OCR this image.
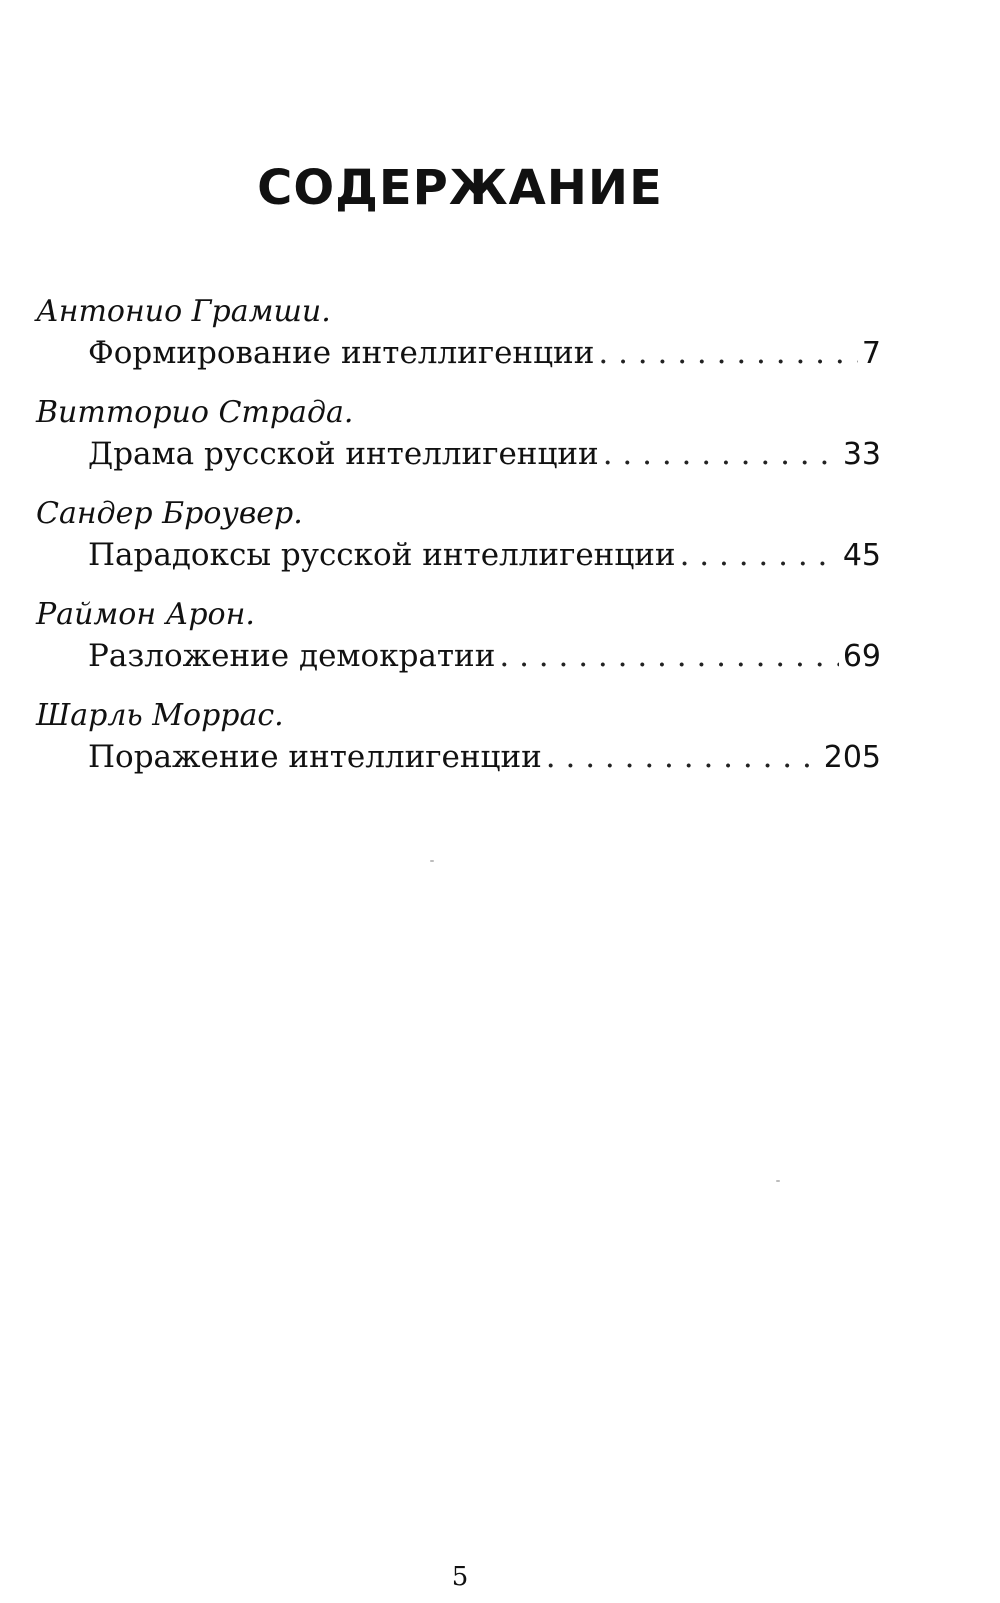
СОДЕРЖАНИЕ
Антонио Грамши.
Формирование интеллигенции . . .	7
Витторио Страда.
Драма русской интеллигенции . . .	33
Сандер Броувер.
Парадоксы русской интеллигенции . . .	45
Раймон Арон.
Разложение демократии . . .	69
Шарль Моррас.
Поражение интеллигенции . . .	205
5
